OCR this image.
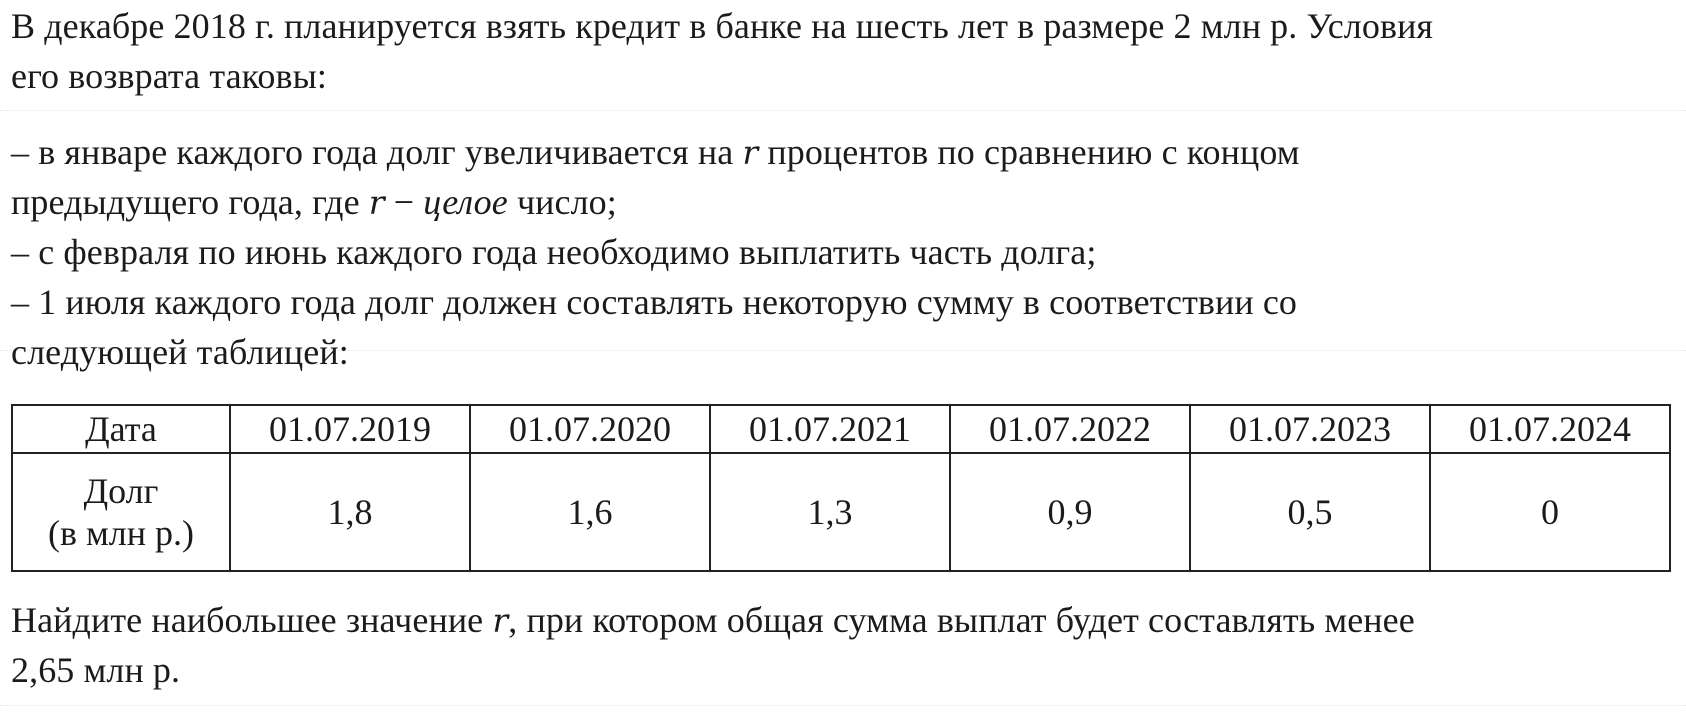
В декабре 2018 г. планируется взять кредит в банке на шесть лет в размере 2 млн р. Условия
его возврата таковы:
– в январе каждого года долг увеличивается на r процентов по сравнению с концом
предыдущего года, где r − целое число;
– с февраля по июнь каждого года необходимо выплатить часть долга;
– 1 июля каждого года долг должен составлять некоторую сумму в соответствии со
следующей таблицей:
Дата	01.07.2019	01.07.2020	01.07.2021	01.07.2022	01.07.2023	01.07.2024

Долг
(в млн р.)	1,8	1,6	1,3	0,9	0,5	0
Найдите наибольшее значение r, при котором общая сумма выплат будет составлять менее
2,65 млн р.
